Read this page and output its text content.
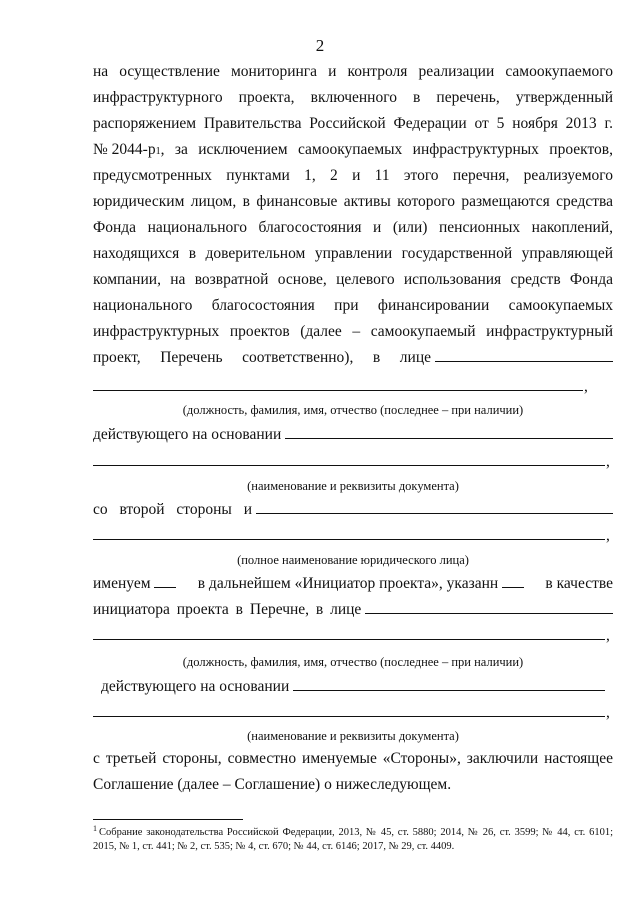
2
на осуществление мониторинга и контроля реализации самоокупаемого
инфраструктурного проекта, включенного в перечень, утвержденный
распоряжением Правительства Российской Федерации от 5 ноября 2013 г.
№ 2044-р 1 , за исключением самоокупаемых инфраструктурных проектов,
предусмотренных пунктами 1, 2 и 11 этого перечня, реализуемого
юридическим лицом, в финансовые активы которого размещаются средства
Фонда национального благосостояния и (или) пенсионных накоплений,
находящихся в доверительном управлении государственной управляющей
компании, на возвратной основе, целевого использования средств Фонда
национального благосостояния при финансировании самоокупаемых
инфраструктурных проектов (далее – самоокупаемый инфраструктурный
проект, Перечень соответственно), в лице
,
(должность, фамилия, имя, отчество (последнее – при наличии)
действующего на основании
,
(наименование и реквизиты документа)
со второй стороны и
,
(полное наименование юридического лица)
именуем	в дальнейшем «Инициатор проекта», указанн	в качестве
инициатора проекта в Перечне, в лице
,
(должность, фамилия, имя, отчество (последнее – при наличии)
действующего на основании
,
(наименование и реквизиты документа)
с третьей стороны, совместно именуемые «Стороны», заключили настоящее
Соглашение (далее – Соглашение) о нижеследующем.
$^1$ Собрание законодательства Российской Федерации, 2013, № 45, ст. 5880; 2014, № 26, ст. 3599; № 44, ст. 6101; 2015, № 1, ст. 441; № 2, ст. 535; № 4, ст. 670; № 44, ст. 6146; 2017, № 29, ст. 4409.
